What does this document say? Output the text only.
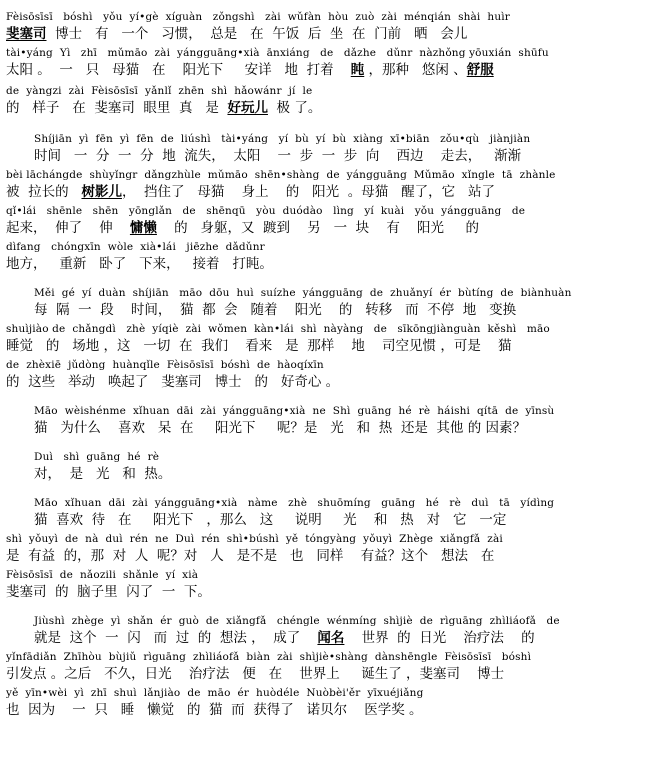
Fèisōsīsī   bóshì   yǒu  yí•gè  xíguàn   zǒngshì   zài  wǔfàn  hòu  zuò  zài  ménqián  shài  huìr
斐塞司  博士   有   一个   习惯，  总是   在  午饭  后  坐  在  门前   晒   会儿
tài•yáng  Yì   zhī   mǔmāo  zài  yángguāng•xià  ānxiáng   de   dǎzhe   dǔnr  nàzhǒng yōuxián  shūfu
太阳 。  一   只   母猫   在    阳光下     安详   地  打着    盹 ，那种   悠闲 、舒服
de  yàngzi  zài  Fèisōsīsī  yǎnlǐ  zhēn  shì  hǎowánr  jí  le
的   样子   在  斐塞司  眼里  真   是  好玩儿  极 了。
Shíjiān  yì  fēn  yì  fēn  de  liúshì   tài•yáng   yí  bù  yí  bù  xiàng  xī•biān   zǒu•qù   jiànjiàn
时间   一  分  一  分  地  流失，  太阳    一  步  一  步  向    西边    走去，   渐渐
bèi lāchángde  shùyǐngr  dǎngzhùle  mǔmāo  shēn•shàng  de  yángguāng  Mǔmāo  xǐngle  tā  zhànle
被  拉长的   树影儿，  挡住了   母猫    身上    的   阳光  。母猫   醒了，它   站了
qǐ•lái   shēnle   shēn   yōnglǎn   de   shēnqū   yòu  duódào   lìng   yí  kuài   yǒu  yángguāng   de
起来，  伸了    伸    慵懒    的   身躯，又  踱到    另   一  块    有    阳光     的
dìfang   chóngxīn  wòle  xià•lái   jiēzhe  dǎdǔnr
地方，   重新   卧了   下来，   接着   打盹。
Měi  gé  yí  duàn  shíjiān   māo  dōu  huì  suízhe  yángguāng  de  zhuǎnyí  ér  bùtíng  de  biànhuàn
每  隔  一  段    时间，  猫  都  会   随着    阳光    的   转移   而  不停  地   变换
shuìjiào de  chǎngdì   zhè  yíqiè  zài  wǒmen  kàn•lái  shì  nàyàng   de   sīkōngjiànguàn  kěshì   māo
睡觉   的   场地 ，这   一切  在  我们    看来   是  那样    地    司空见惯 ，可是    猫
de  zhèxiē  jǔdòng  huànqǐle  Fèisōsīsī  bóshì  de  hàoqíxīn
的  这些   举动   唤起了   斐塞司   博士   的   好奇心 。
Māo  wèishénme  xǐhuan  dāi  zài  yángguāng•xià  ne  Shì  guāng  hé  rè  háishi  qítā  de  yīnsù
猫   为什么    喜欢   呆  在     阳光下     呢？是   光   和  热  还是  其他 的 因素？
Duì   shì  guāng  hé  rè
对，  是   光   和  热。
Māo  xǐhuan  dāi  zài  yángguāng•xià   nàme   zhè   shuōmíng   guāng   hé   rè   duì   tā   yídìng
猫  喜欢  待   在     阳光下   ，那么   这     说明     光    和   热   对   它   一定
shì  yǒuyì  de  nà  duì  rén  ne  Duì  rén  shì•búshì  yě  tóngyàng  yǒuyì  Zhège  xiǎngfǎ  zài
是  有益  的，那  对  人  呢？对   人   是不是   也   同样    有益？这个   想法   在
Fèisōsīsī  de  nǎozili  shǎnle  yí  xià
斐塞司  的  脑子里  闪了  一  下。
Jiùshì  zhège  yì  shǎn  ér  guò  de  xiǎngfǎ   chéngle  wénmíng  shìjiè  de  rìguāng  zhìliáofǎ   de
就是  这个  一  闪   而  过  的  想法 ，  成了    闻名    世界  的  日光    治疗法    的
yǐnfādiǎn  Zhīhòu  bùjiǔ  rìguāng  zhìliáofǎ  biàn  zài  shìjiè•shàng  dànshēngle  Fèisōsīsī   bóshì
引发点 。之后   不久，日光    治疗法   便   在    世界上     诞生了 ，斐塞司    博士
yě  yīn•wèi  yì  zhī  shuì  lǎnjiào  de  māo  ér  huòdéle  Nuòbèi'ěr  yīxuéjiǎng
也  因为    一  只   睡   懒觉   的  猫  而  获得了   诺贝尔    医学奖 。
